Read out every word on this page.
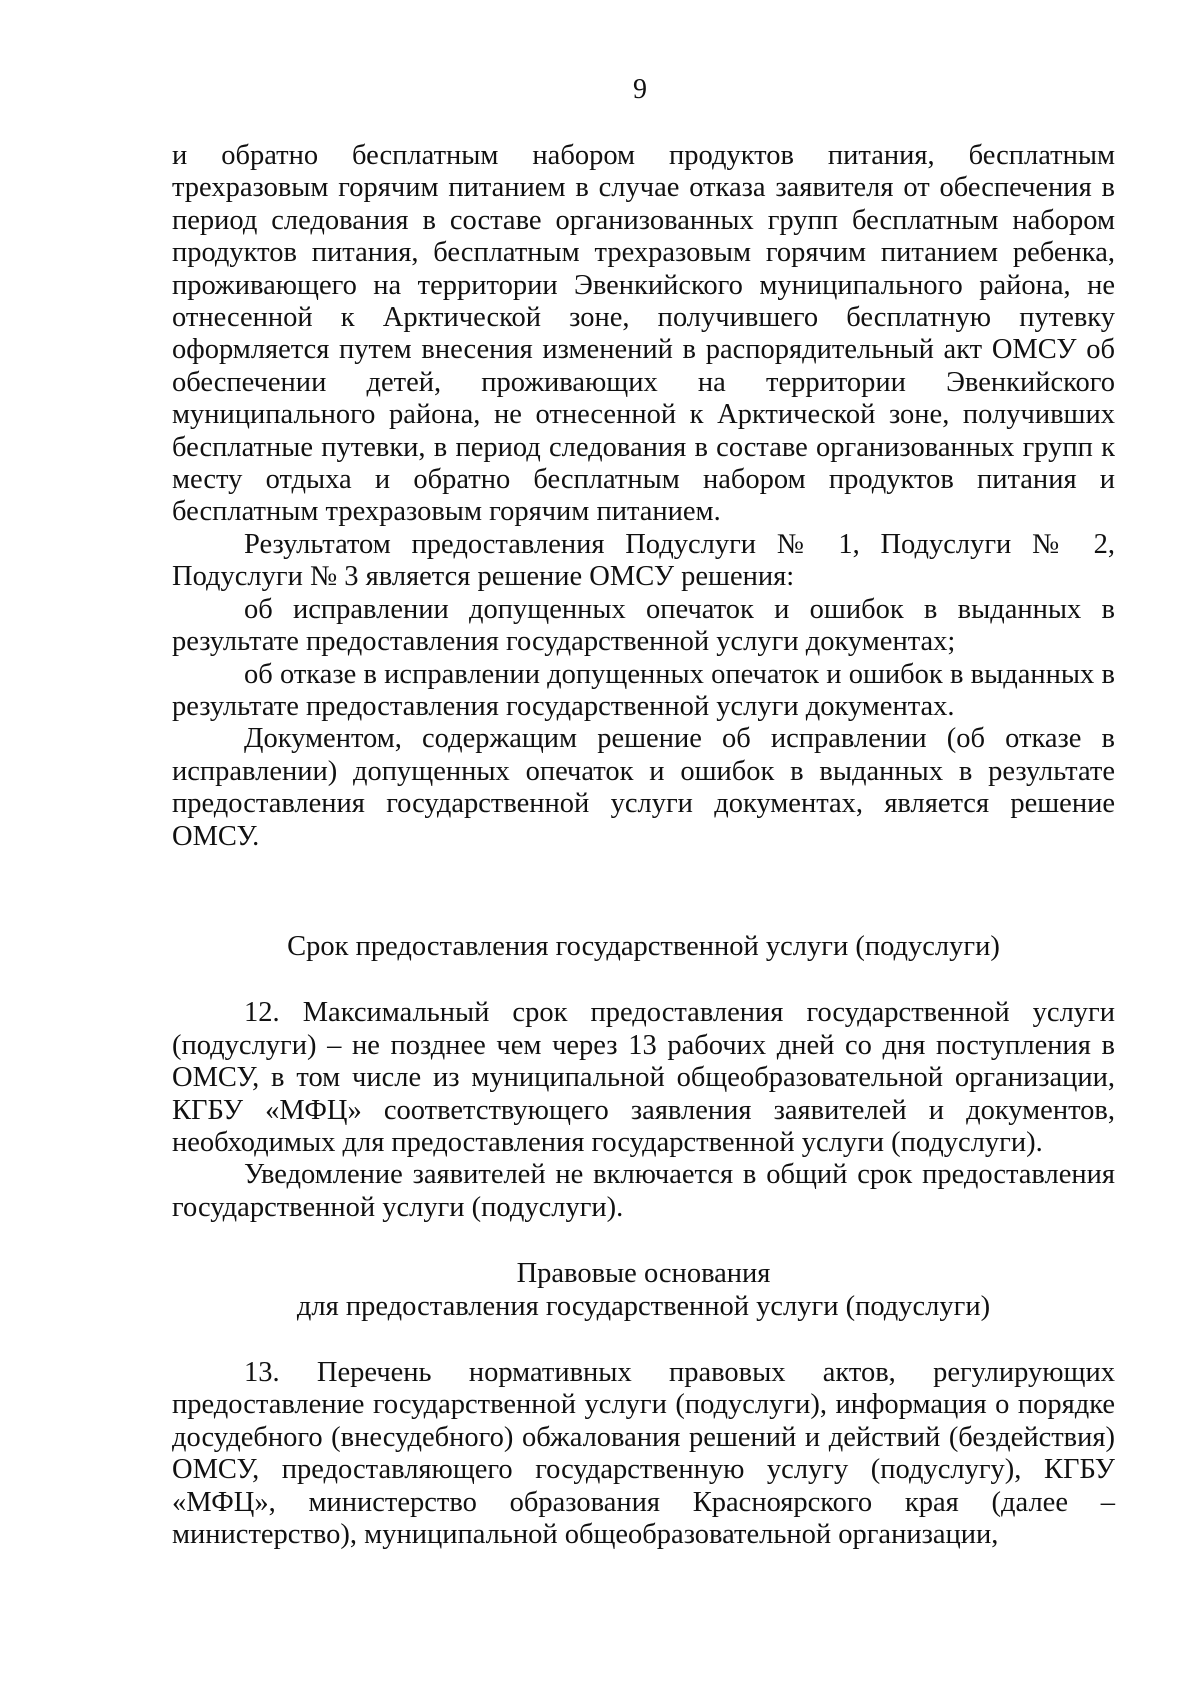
9

и обратно бесплатным набором продуктов питания, бесплатным трехразовым горячим питанием в случае отказа заявителя от обеспечения в период следования в составе организованных групп бесплатным набором продуктов питания, бесплатным трехразовым горячим питанием ребенка, проживающего на территории Эвенкийского муниципального района, не отнесенной к Арктической зоне, получившего бесплатную путевку оформляется путем внесения изменений в распорядительный акт ОМСУ об обеспечении детей, проживающих на территории Эвенкийского муниципального района, не отнесенной к Арктической зоне, получивших бесплатные путевки, в период следования в составе организованных групп к месту отдыха и обратно бесплатным набором продуктов питания и бесплатным трехразовым горячим питанием.

Результатом предоставления Подуслуги № 1, Подуслуги № 2, Подуслуги № 3 является решение ОМСУ решения:

об исправлении допущенных опечаток и ошибок в выданных в результате предоставления государственной услуги документах;

об отказе в исправлении допущенных опечаток и ошибок в выданных в результате предоставления государственной услуги документах.

Документом, содержащим решение об исправлении (об отказе в исправлении) допущенных опечаток и ошибок в выданных в результате предоставления государственной услуги документах, является решение ОМСУ.

Срок предоставления государственной услуги (подуслуги)

12. Максимальный срок предоставления государственной услуги (подуслуги) – не позднее чем через 13 рабочих дней со дня поступления в ОМСУ, в том числе из муниципальной общеобразовательной организации, КГБУ «МФЦ» соответствующего заявления заявителей и документов, необходимых для предоставления государственной услуги (подуслуги).

Уведомление заявителей не включается в общий срок предоставления государственной услуги (подуслуги).

Правовые основания
для предоставления государственной услуги (подуслуги)

13. Перечень нормативных правовых актов, регулирующих предоставление государственной услуги (подуслуги), информация о порядке досудебного (внесудебного) обжалования решений и действий (бездействия) ОМСУ, предоставляющего государственную услугу (подуслугу), КГБУ «МФЦ», министерство образования Красноярского края (далее – министерство), муниципальной общеобразовательной организации,
